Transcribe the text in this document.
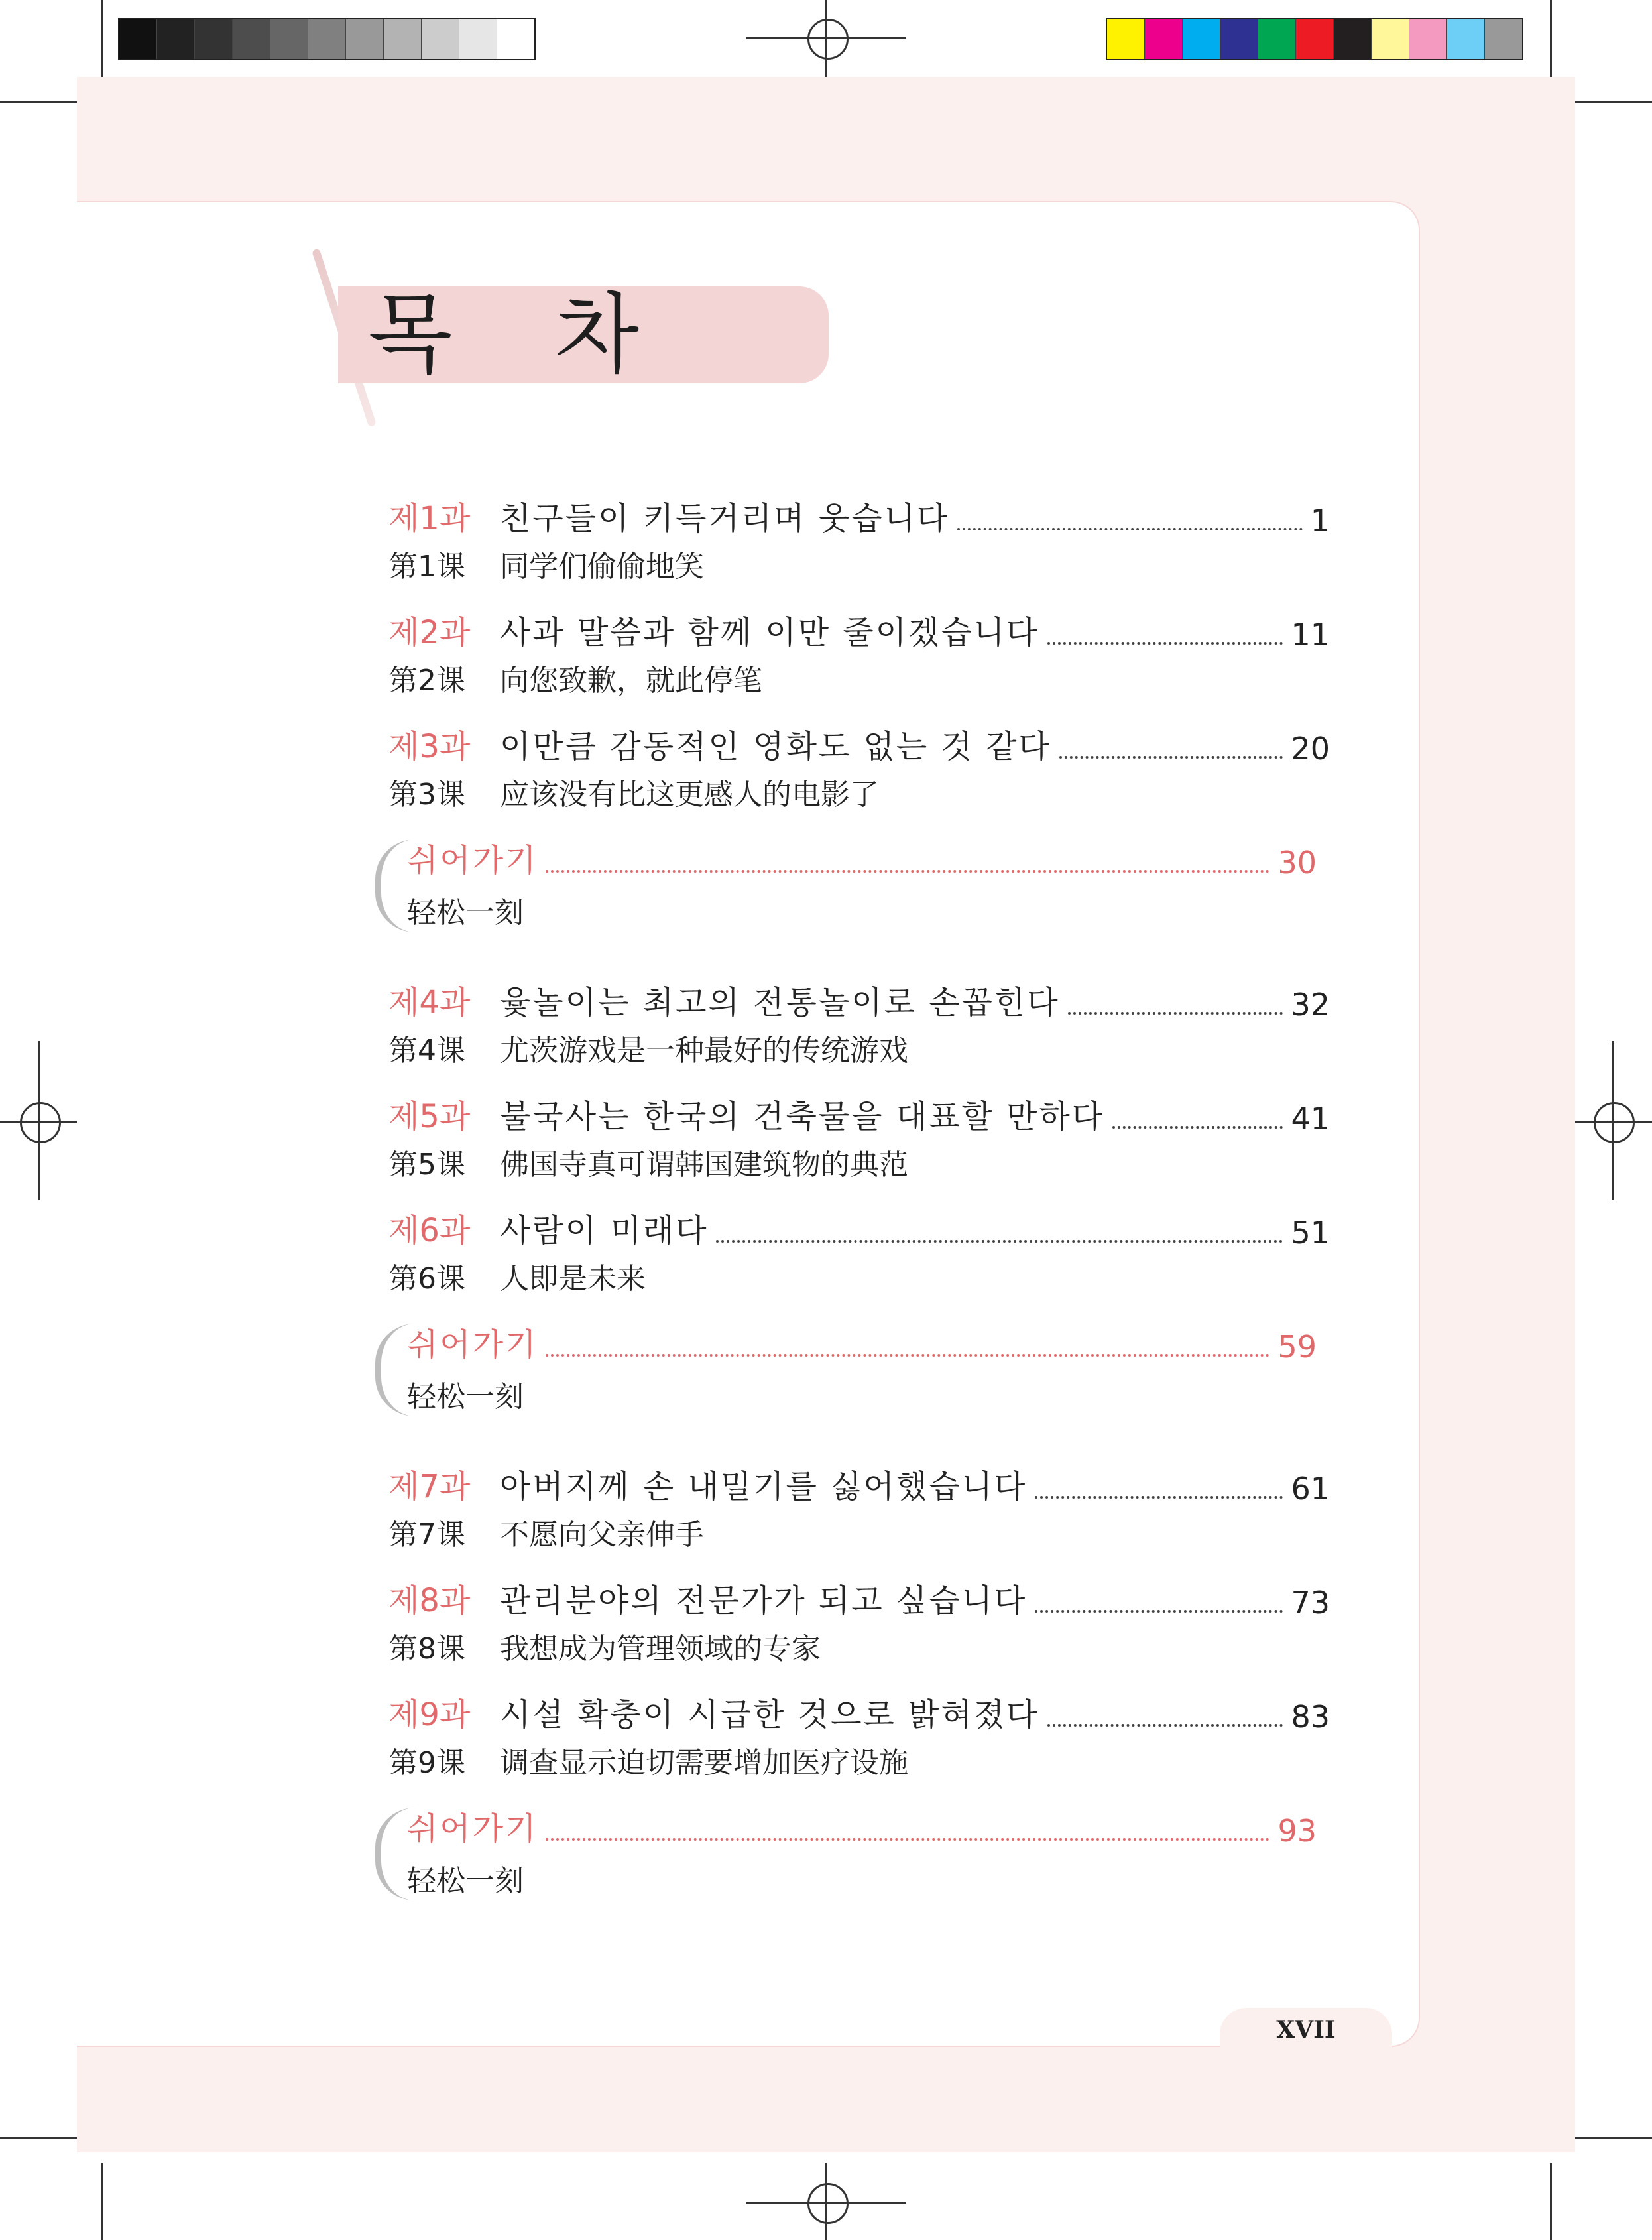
목 차
제1과 친구들이 키득거리며 웃습니다	1
第1课	同学们偷偷地笑
제2과 사과 말씀과 함께 이만 줄이겠습니다	11
第2课	向您致歉，就此停笔
제3과 이만큼 감동적인 영화도 없는 것 같다	20
第3课	应该没有比这更感人的电影了
쉬어가기	30
轻松一刻
제4과 윷놀이는 최고의 전통놀이로 손꼽힌다	32
第4课	尤茨游戏是一种最好的传统游戏
제5과 불국사는 한국의 건축물을 대표할 만하다	41
第5课	佛国寺真可谓韩国建筑物的典范
제6과 사람이 미래다	51
第6课	人即是未来
쉬어가기	59
轻松一刻
제7과 아버지께 손 내밀기를 싫어했습니다	61
第7课	不愿向父亲伸手
제8과 관리분야의 전문가가 되고 싶습니다	73
第8课	我想成为管理领域的专家
제9과 시설 확충이 시급한 것으로 밝혀졌다	83
第9课	调查显示迫切需要增加医疗设施
쉬어가기	93
轻松一刻
XVII
